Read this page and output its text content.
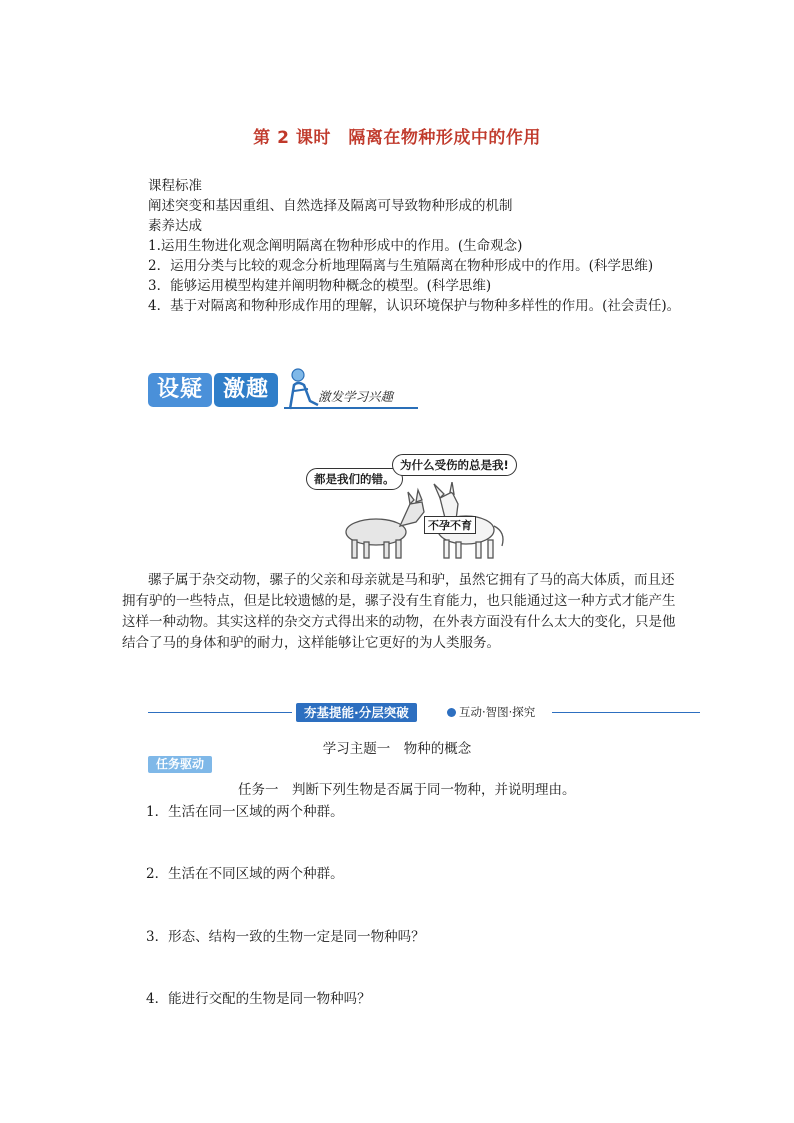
第 2 课时　隔离在物种形成中的作用
课程标准
阐述突变和基因重组、自然选择及隔离可导致物种形成的机制
素养达成
1.运用生物进化观念阐明隔离在物种形成中的作用。(生命观念)
2．运用分类与比较的观念分析地理隔离与生殖隔离在物种形成中的作用。(科学思维)
3．能够运用模型构建并阐明物种概念的模型。(科学思维)
4．基于对隔离和物种形成作用的理解，认识环境保护与物种多样性的作用。(社会责任)。
设疑 激趣	激发学习兴趣
都是我们的错。
为什么受伤的总是我!
不孕不育
骡子属于杂交动物，骡子的父亲和母亲就是马和驴，虽然它拥有了马的高大体质，而且还拥有驴的一些特点，但是比较遗憾的是，骡子没有生育能力，也只能通过这一种方式才能产生这样一种动物。其实这样的杂交方式得出来的动物，在外表方面没有什么太大的变化，只是他结合了马的身体和驴的耐力，这样能够让它更好的为人类服务。
夯基提能·分层突破	互动·智图·探究
学习主题一　物种的概念
任务驱动
任务一　判断下列生物是否属于同一物种，并说明理由。
1．生活在同一区域的两个种群。
2．生活在不同区域的两个种群。
3．形态、结构一致的生物一定是同一物种吗？
4．能进行交配的生物是同一物种吗？
